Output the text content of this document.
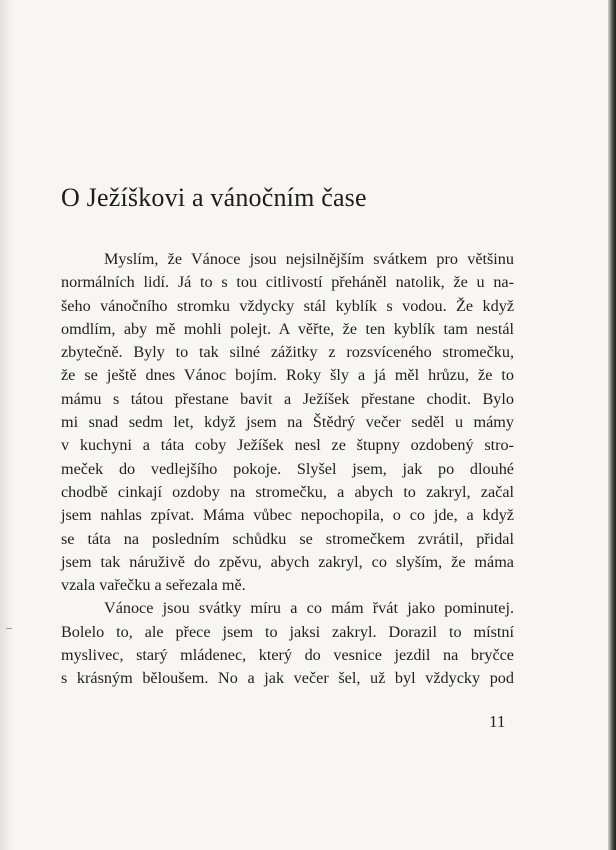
O Ježíškovi a vánočním čase
Myslím, že Vánoce jsou nejsilnějším svátkem pro většinu
normálních lidí. Já to s tou citlivostí přeháněl natolik, že u na-
šeho vánočního stromku vždycky stál kyblík s vodou. Že když
omdlím, aby mě mohli polejt. A věřte, že ten kyblík tam nestál
zbytečně. Byly to tak silné zážitky z rozsvíceného stromečku,
že se ještě dnes Vánoc bojím. Roky šly a já měl hrůzu, že to
mámu s tátou přestane bavit a Ježíšek přestane chodit. Bylo
mi snad sedm let, když jsem na Štědrý večer seděl u mámy
v kuchyni a táta coby Ježíšek nesl ze štupny ozdobený stro-
meček do vedlejšího pokoje. Slyšel jsem, jak po dlouhé
chodbě cinkají ozdoby na stromečku, a abych to zakryl, začal
jsem nahlas zpívat. Máma vůbec nepochopila, o co jde, a když
se táta na posledním schůdku se stromečkem zvrátil, přidal
jsem tak náruživě do zpěvu, abych zakryl, co slyším, že máma
vzala vařečku a seřezala mě.
Vánoce jsou svátky míru a co mám řvát jako pominutej.
Bolelo to, ale přece jsem to jaksi zakryl. Dorazil to místní
myslivec, starý mládenec, který do vesnice jezdil na bryčce
s krásným běloušem. No a jak večer šel, už byl vždycky pod
11
